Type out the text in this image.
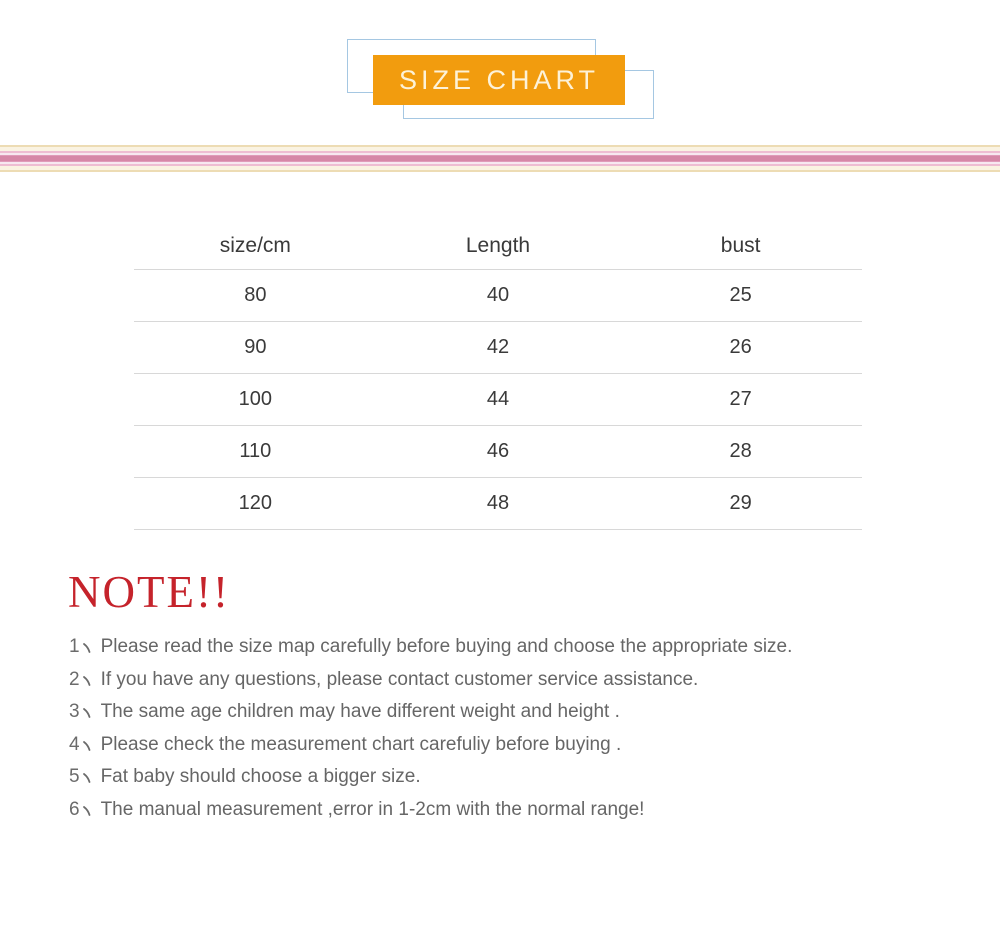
SIZE CHART
size/cm	Length	bust
80	40	25
90	42	26
100	44	27
110	46	28
120	48	29
NOTE!!
1 Please read the size map carefully before buying and choose the appropriate size.
2 If you have any questions, please contact customer service assistance.
3 The same age children may have different weight and height .
4 Please check the measurement chart carefuliy before buying .
5 Fat baby should choose a bigger size.
6 The manual measurement ,error in 1-2cm with the normal range!
